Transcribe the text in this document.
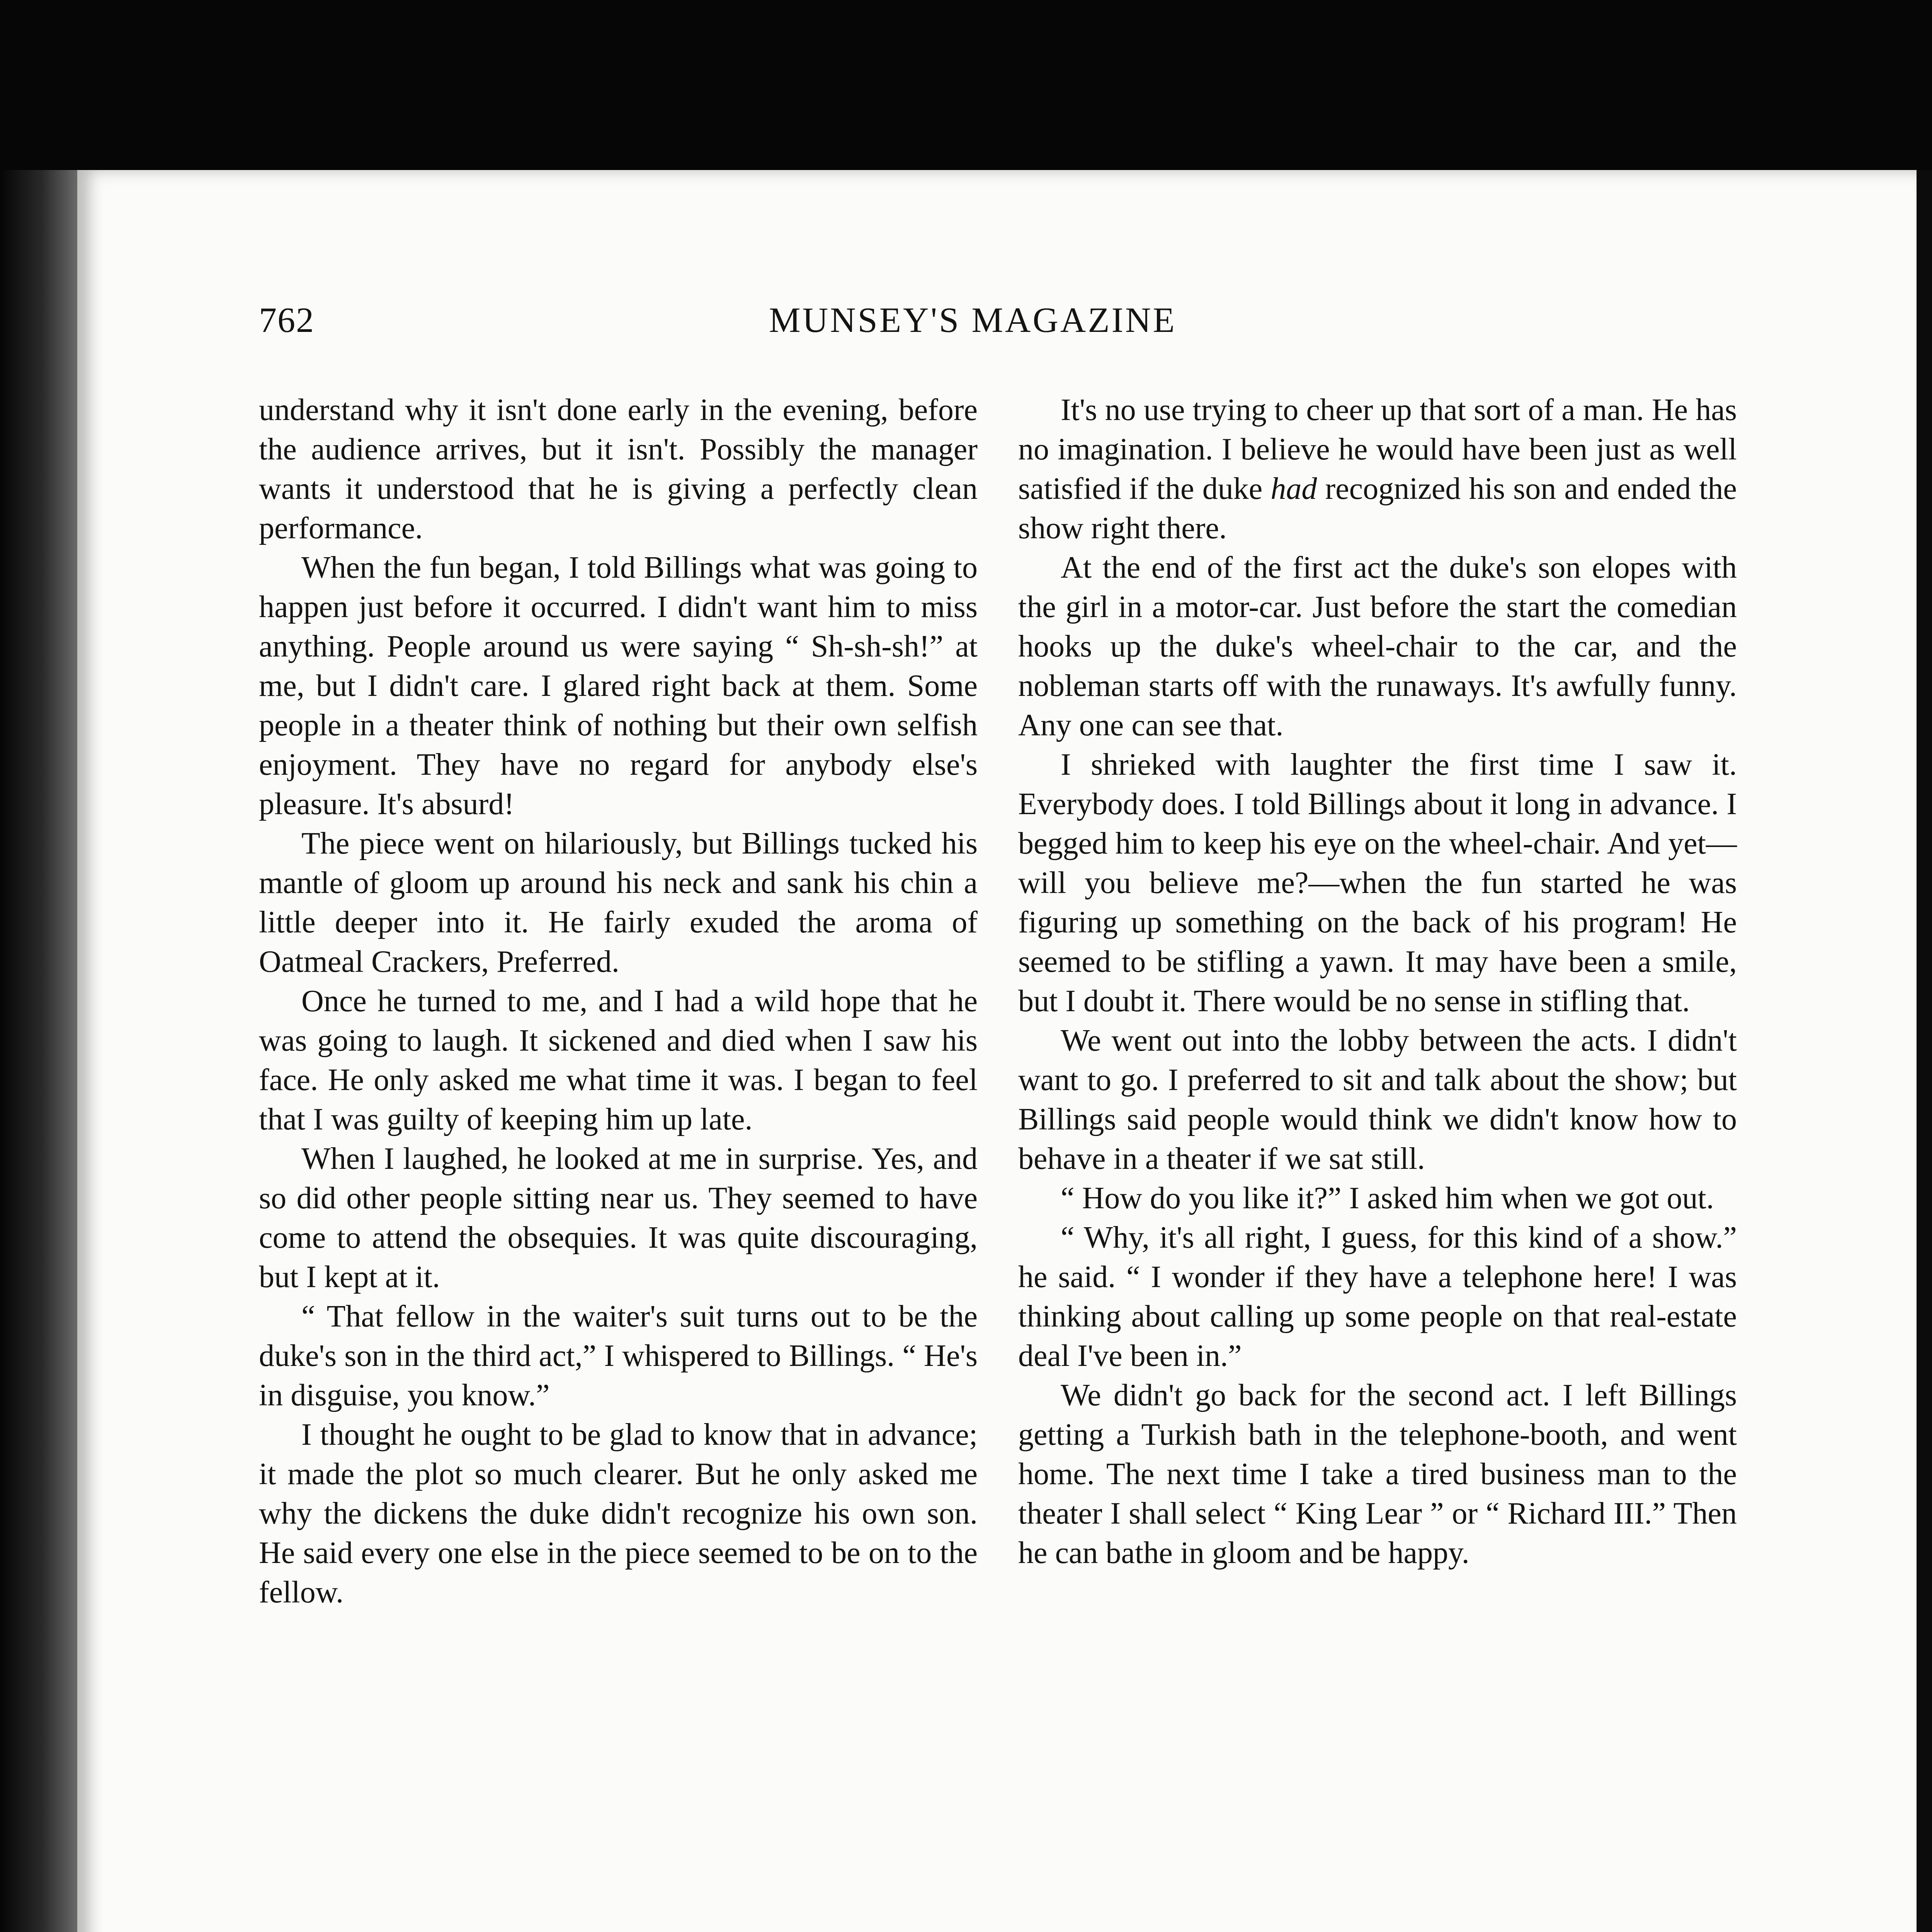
762	MUNSEY'S MAGAZINE

understand why it isn't done early in the evening, before the audience arrives, but it isn't. Possibly the manager wants it understood that he is giving a perfectly clean performance.

When the fun began, I told Billings what was going to happen just before it occurred. I didn't want him to miss anything. People around us were saying “ Sh-sh-sh!” at me, but I didn't care. I glared right back at them. Some people in a theater think of nothing but their own selfish enjoyment. They have no regard for anybody else's pleasure. It's absurd!

The piece went on hilariously, but Billings tucked his mantle of gloom up around his neck and sank his chin a little deeper into it. He fairly exuded the aroma of Oatmeal Crackers, Preferred.

Once he turned to me, and I had a wild hope that he was going to laugh. It sickened and died when I saw his face. He only asked me what time it was. I began to feel that I was guilty of keeping him up late.

When I laughed, he looked at me in surprise. Yes, and so did other people sitting near us. They seemed to have come to attend the obsequies. It was quite discouraging, but I kept at it.

“ That fellow in the waiter's suit turns out to be the duke's son in the third act,” I whispered to Billings. “ He's in disguise, you know.”

I thought he ought to be glad to know that in advance; it made the plot so much clearer. But he only asked me why the dickens the duke didn't recognize his own son. He said every one else in the piece seemed to be on to the fellow.

It's no use trying to cheer up that sort of a man. He has no imagination. I believe he would have been just as well satisfied if the duke had recognized his son and ended the show right there.

At the end of the first act the duke's son elopes with the girl in a motor-car. Just before the start the comedian hooks up the duke's wheel-chair to the car, and the nobleman starts off with the runaways. It's awfully funny. Any one can see that.

I shrieked with laughter the first time I saw it. Everybody does. I told Billings about it long in advance. I begged him to keep his eye on the wheel-chair. And yet—will you believe me?—when the fun started he was figuring up something on the back of his program! He seemed to be stifling a yawn. It may have been a smile, but I doubt it. There would be no sense in stifling that.

We went out into the lobby between the acts. I didn't want to go. I preferred to sit and talk about the show; but Billings said people would think we didn't know how to behave in a theater if we sat still.

“ How do you like it?” I asked him when we got out.

“ Why, it's all right, I guess, for this kind of a show.” he said. “ I wonder if they have a telephone here! I was thinking about calling up some people on that real-estate deal I've been in.”

We didn't go back for the second act. I left Billings getting a Turkish bath in the telephone-booth, and went home. The next time I take a tired business man to the theater I shall select “ King Lear ” or “ Richard III.” Then he can bathe in gloom and be happy.
